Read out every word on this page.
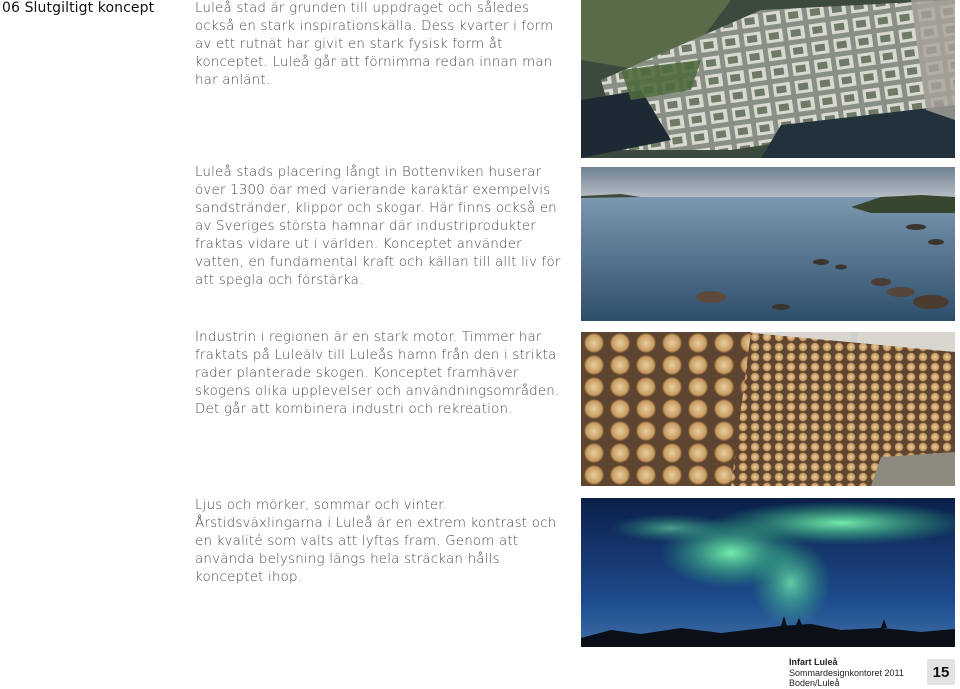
06 Slutgiltigt koncept	Luleå stad är grunden till uppdraget och således också en stark inspirationskälla. Dess kvarter i form av ett rutnät har givit en stark fysisk form åt konceptet. Luleå går att förnimma redan innan man har anlänt.

Luleå stads placering långt in Bottenviken huserar över 1300 öar med varierande karaktär exempelvis sandstränder, klippor och skogar. Här finns också en av Sveriges största hamnar där industriprodukter fraktas vidare ut i världen. Konceptet använder vatten, en fundamental kraft och källan till allt liv för att spegla och förstärka.

Industrin i regionen är en stark motor. Timmer har fraktats på Luleälv till Luleås hamn från den i strikta rader planterade skogen. Konceptet framhäver skogens olika upplevelser och användningsområden. Det går att kombinera industri och rekreation.

Ljus och mörker, sommar och vinter. Årstidsväxlingarna i Luleå är en extrem kontrast och en kvalité som valts att lyftas fram. Genom att använda belysning längs hela sträckan hålls konceptet ihop.

Infart Luleå
Sommardesignkontoret 2011
Boden/Luleå
15
